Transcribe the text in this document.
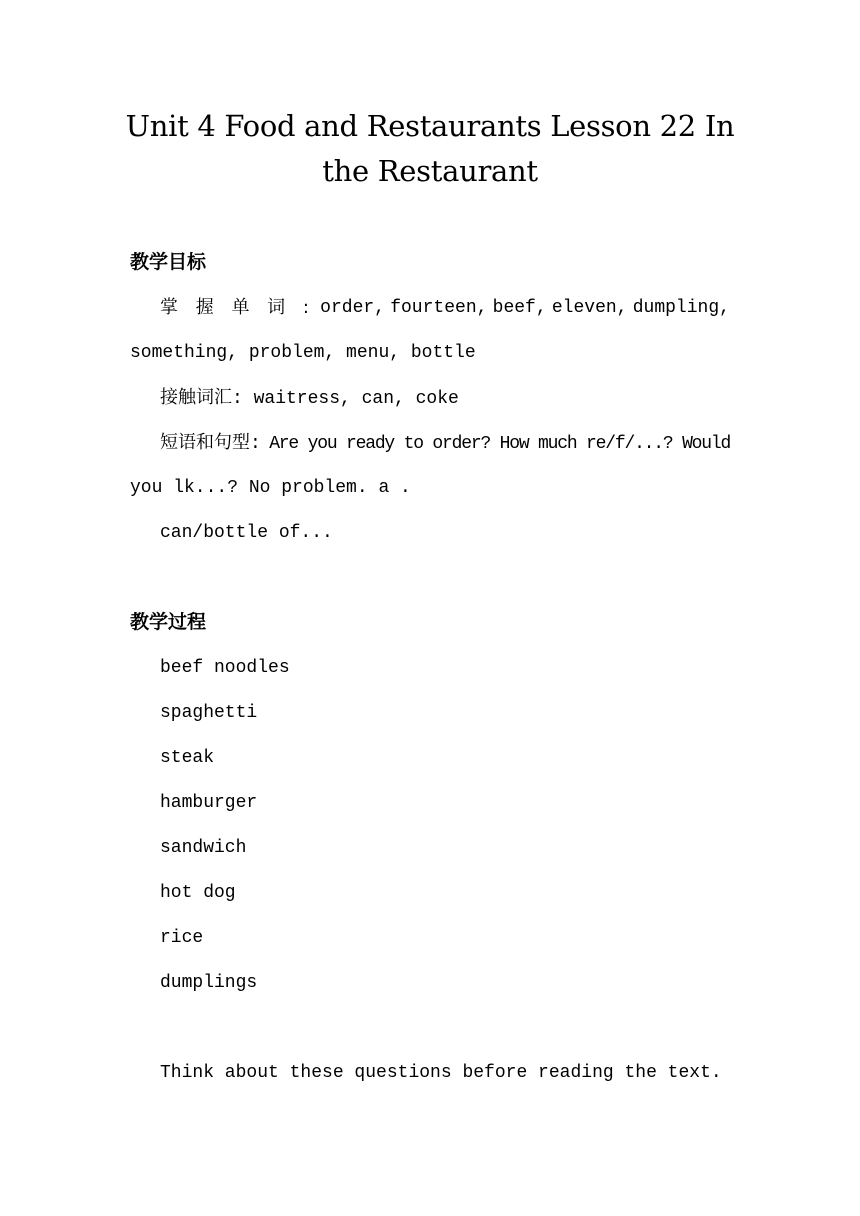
Unit 4 Food and Restaurants Lesson 22 In
the Restaurant
教学目标
掌 握 单 词 : order, fourteen, beef, eleven, dumpling,
something, problem, menu, bottle
接触词汇: waitress, can, coke
短语和句型: Are you ready to order? How much re/f/...? Would
you lk...? No problem. a .
can/bottle of...
教学过程
beef noodles
spaghetti
steak
hamburger
sandwich
hot dog
rice
dumplings
Think about these questions before reading the text.
